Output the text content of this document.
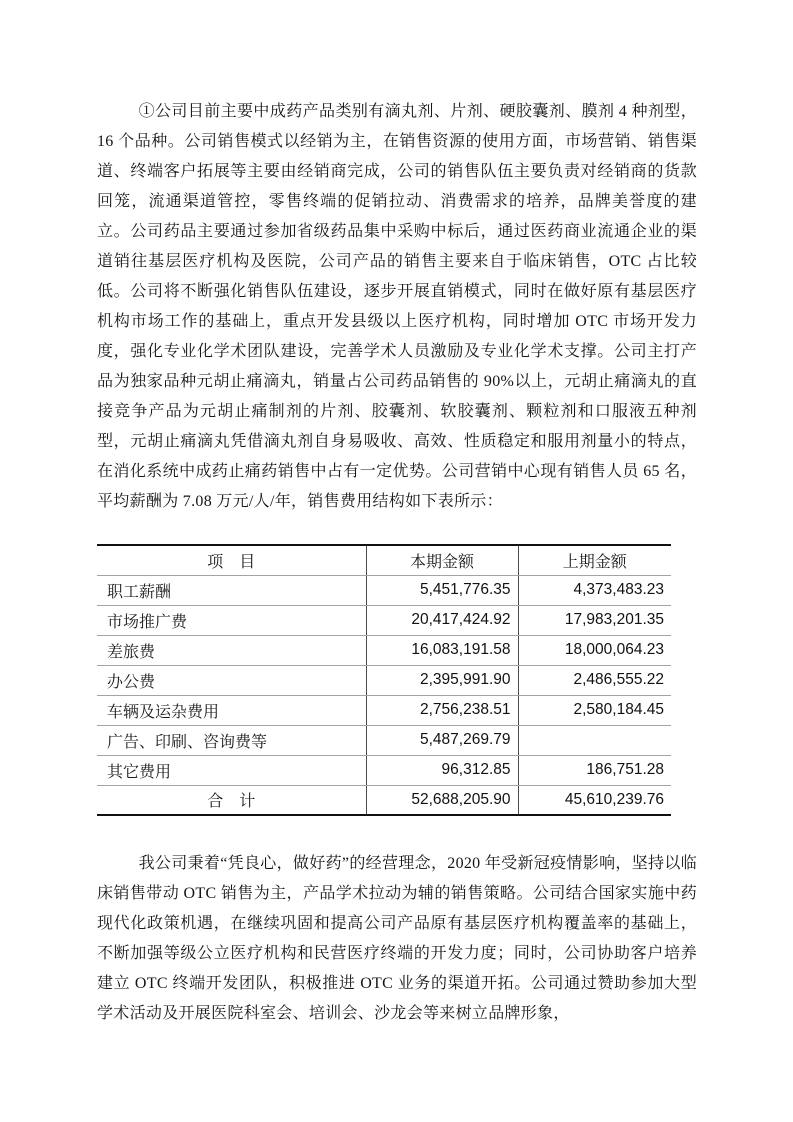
①公司目前主要中成药产品类别有滴丸剂、片剂、硬胶囊剂、膜剂 4 种剂型，16 个品种。公司销售模式以经销为主，在销售资源的使用方面，市场营销、销售渠道、终端客户拓展等主要由经销商完成，公司的销售队伍主要负责对经销商的货款回笼，流通渠道管控，零售终端的促销拉动、消费需求的培养，品牌美誉度的建立。公司药品主要通过参加省级药品集中采购中标后，通过医药商业流通企业的渠道销往基层医疗机构及医院，公司产品的销售主要来自于临床销售，OTC 占比较低。公司将不断强化销售队伍建设，逐步开展直销模式，同时在做好原有基层医疗机构市场工作的基础上，重点开发县级以上医疗机构，同时增加 OTC 市场开发力度，强化专业化学术团队建设，完善学术人员激励及专业化学术支撑。公司主打产品为独家品种元胡止痛滴丸，销量占公司药品销售的 90%以上，元胡止痛滴丸的直接竞争产品为元胡止痛制剂的片剂、胶囊剂、软胶囊剂、颗粒剂和口服液五种剂型，元胡止痛滴丸凭借滴丸剂自身易吸收、高效、性质稳定和服用剂量小的特点，在消化系统中成药止痛药销售中占有一定优势。公司营销中心现有销售人员 65 名，平均薪酬为 7.08 万元/人/年，销售费用结构如下表所示：

项　目	本期金额	上期金额
职工薪酬	5,451,776.35	4,373,483.23
市场推广费	20,417,424.92	17,983,201.35
差旅费	16,083,191.58	18,000,064.23
办公费	2,395,991.90	2,486,555.22
车辆及运杂费用	2,756,238.51	2,580,184.45
广告、印刷、咨询费等	5,487,269.79	
其它费用	96,312.85	186,751.28
合　计	52,688,205.90	45,610,239.76

我公司秉着“凭良心，做好药”的经营理念，2020 年受新冠疫情影响，坚持以临床销售带动 OTC 销售为主，产品学术拉动为辅的销售策略。公司结合国家实施中药现代化政策机遇，在继续巩固和提高公司产品原有基层医疗机构覆盖率的基础上，不断加强等级公立医疗机构和民营医疗终端的开发力度；同时，公司协助客户培养建立 OTC 终端开发团队，积极推进 OTC 业务的渠道开拓。公司通过赞助参加大型学术活动及开展医院科室会、培训会、沙龙会等来树立品牌形象，
